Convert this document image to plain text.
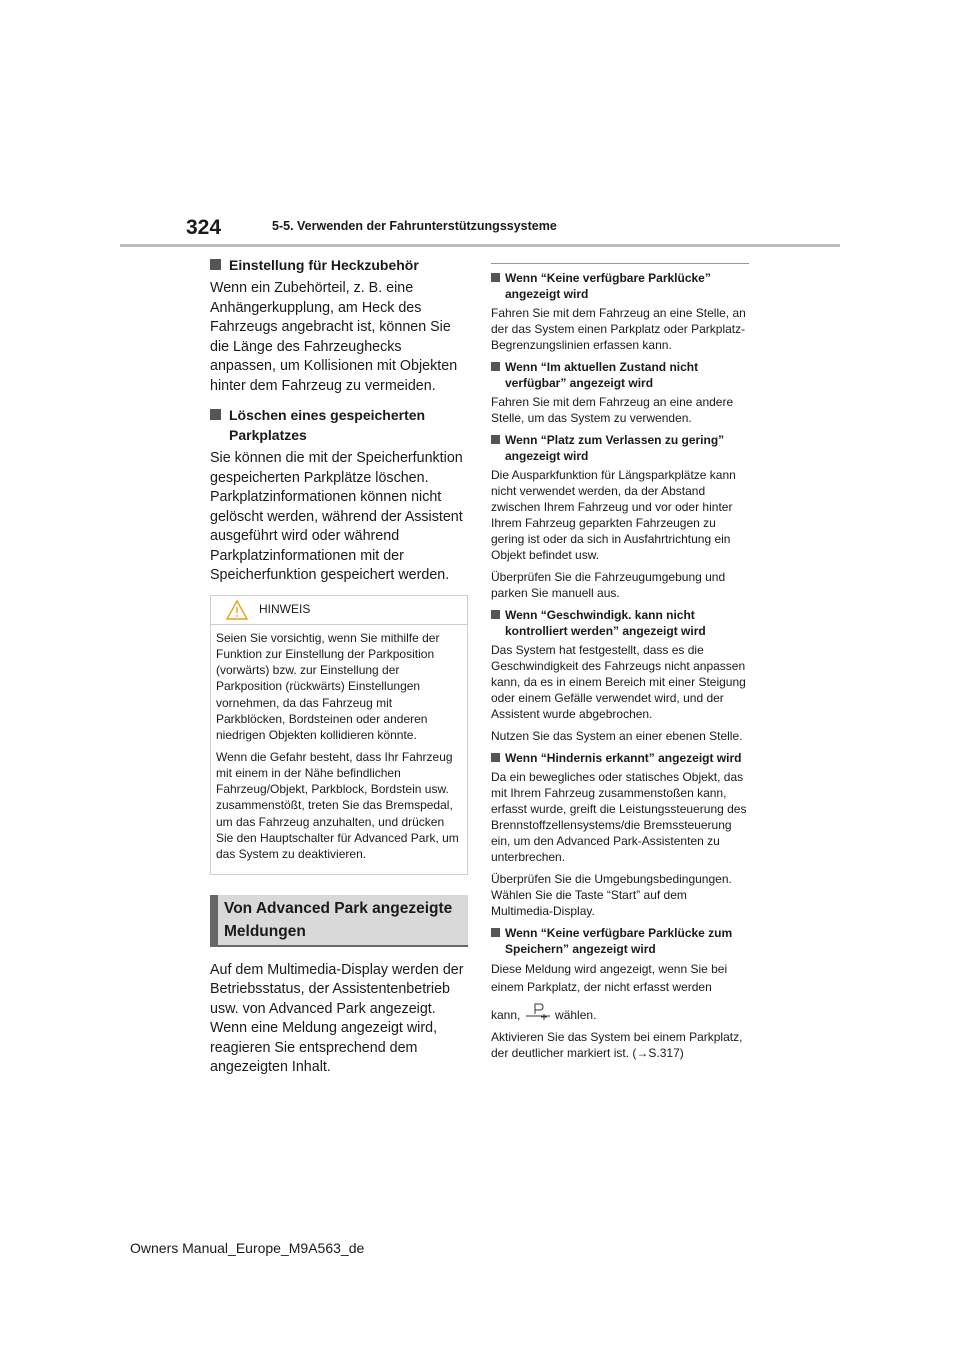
324	5-5. Verwenden der Fahrunterstützungssysteme
Einstellung für Heckzubehör

Wenn ein Zubehörteil, z. B. eine Anhängerkupplung, am Heck des Fahrzeugs angebracht ist, können Sie die Länge des Fahrzeughecks anpassen, um Kollisionen mit Objekten hinter dem Fahrzeug zu vermeiden.

Löschen eines gespeicherten Parkplatzes

Sie können die mit der Speicherfunktion gespeicherten Parkplätze löschen. Parkplatzinformationen können nicht gelöscht werden, während der Assistent ausgeführt wird oder während Parkplatzinformationen mit der Speicherfunktion gespeichert werden.

HINWEIS

Seien Sie vorsichtig, wenn Sie mithilfe der Funktion zur Einstellung der Parkposition (vorwärts) bzw. zur Einstellung der Parkposition (rückwärts) Einstellungen vornehmen, da das Fahrzeug mit Parkblöcken, Bordsteinen oder anderen niedrigen Objekten kollidieren könnte.

Wenn die Gefahr besteht, dass Ihr Fahrzeug mit einem in der Nähe befindlichen Fahrzeug/Objekt, Parkblock, Bordstein usw. zusammenstößt, treten Sie das Bremspedal, um das Fahrzeug anzuhalten, und drücken Sie den Hauptschalter für Advanced Park, um das System zu deaktivieren.

Von Advanced Park angezeigte Meldungen

Auf dem Multimedia-Display werden der Betriebsstatus, der Assistentenbetrieb usw. von Advanced Park angezeigt. Wenn eine Meldung angezeigt wird, reagieren Sie entsprechend dem angezeigten Inhalt.

Wenn “Keine verfügbare Parklücke” angezeigt wird

Fahren Sie mit dem Fahrzeug an eine Stelle, an der das System einen Parkplatz oder Parkplatz-Begrenzungslinien erfassen kann.

Wenn “Im aktuellen Zustand nicht verfügbar” angezeigt wird

Fahren Sie mit dem Fahrzeug an eine andere Stelle, um das System zu verwenden.

Wenn “Platz zum Verlassen zu gering” angezeigt wird

Die Ausparkfunktion für Längsparkplätze kann nicht verwendet werden, da der Abstand zwischen Ihrem Fahrzeug und vor oder hinter Ihrem Fahrzeug geparkten Fahrzeugen zu gering ist oder da sich in Ausfahrtrichtung ein Objekt befindet usw.

Überprüfen Sie die Fahrzeugumgebung und parken Sie manuell aus.

Wenn “Geschwindigk. kann nicht kontrolliert werden” angezeigt wird

Das System hat festgestellt, dass es die Geschwindigkeit des Fahrzeugs nicht anpassen kann, da es in einem Bereich mit einer Steigung oder einem Gefälle verwendet wird, und der Assistent wurde abgebrochen.

Nutzen Sie das System an einer ebenen Stelle.

Wenn “Hindernis erkannt” angezeigt wird

Da ein bewegliches oder statisches Objekt, das mit Ihrem Fahrzeug zusammenstoßen kann, erfasst wurde, greift die Leistungssteuerung des Brennstoffzellensystems/die Bremssteuerung ein, um den Advanced Park-Assistenten zu unterbrechen.

Überprüfen Sie die Umgebungsbedingungen. Wählen Sie die Taste “Start” auf dem Multimedia-Display.

Wenn “Keine verfügbare Parklücke zum Speichern” angezeigt wird

Diese Meldung wird angezeigt, wenn Sie bei einem Parkplatz, der nicht erfasst werden

kann,	wählen.

Aktivieren Sie das System bei einem Parkplatz, der deutlicher markiert ist. (→S.317)

Owners Manual_Europe_M9A563_de
